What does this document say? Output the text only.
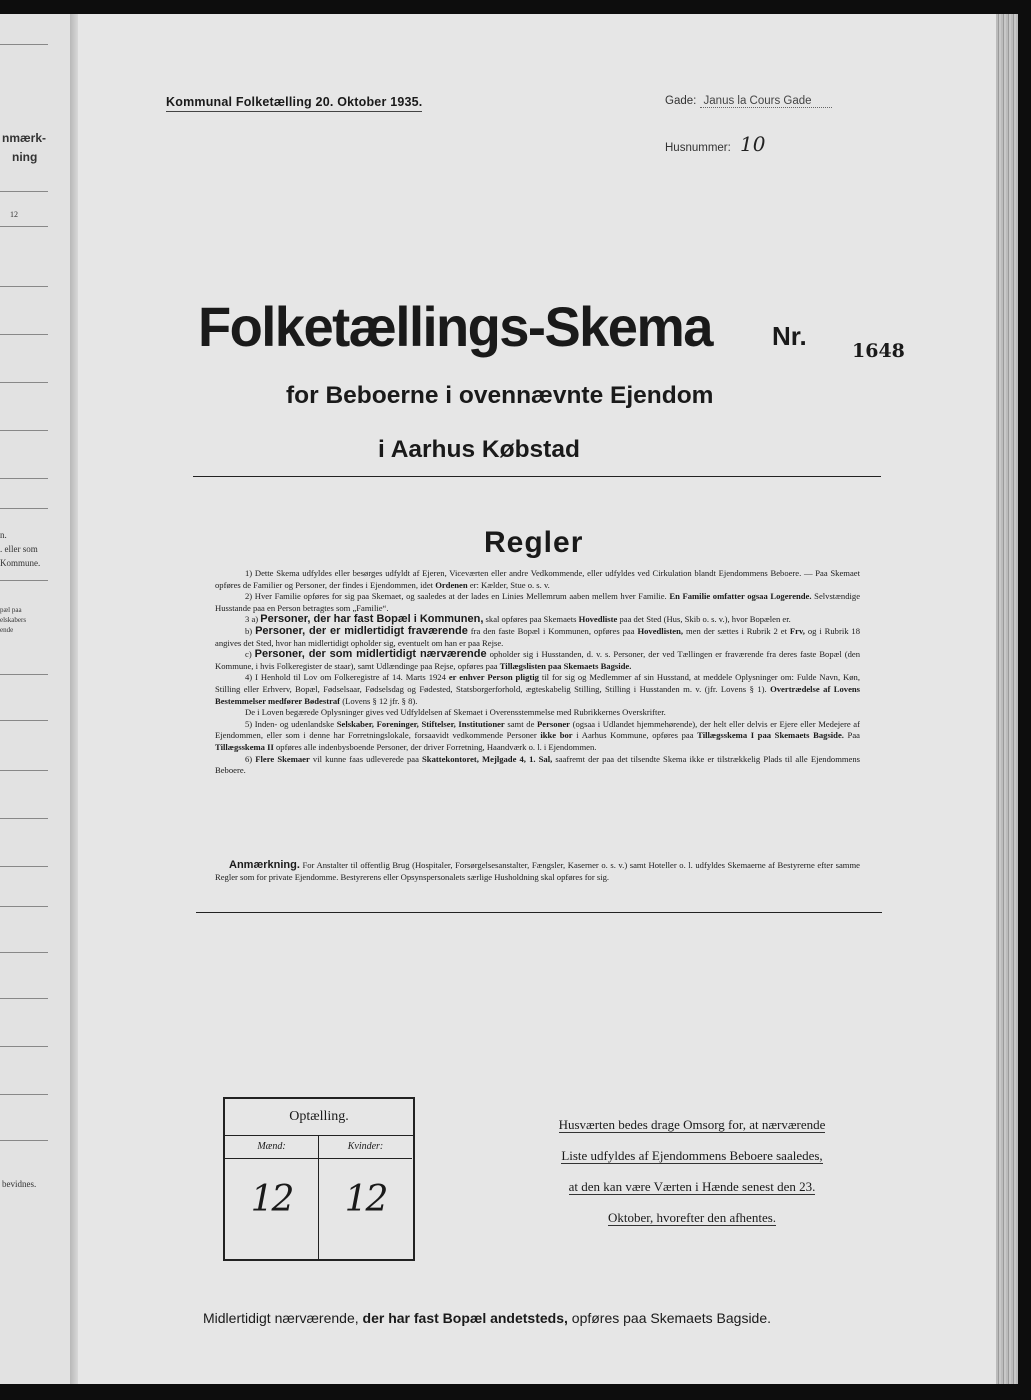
nmærk-
ning
12
n.
. eller som
Kommune.
pæl paa
elskabers
ende
bevidnes.
Kommunal Folketælling 20. Oktober 1935.	Gade: Janus la Cours Gade
Husnummer: 10
Folketællings-Skema Nr. 1648
for Beboerne i ovennævnte Ejendom
i Aarhus Købstad
Regler

1) Dette Skema udfyldes eller besørges udfyldt af Ejeren, Viceværten eller andre Vedkommende, eller udfyldes ved Cirkulation blandt Ejendommens Beboere. — Paa Skemaet opføres de Familier og Personer, der findes i Ejendommen, idet Ordenen er: Kælder, Stue o. s. v.

2) Hver Familie opføres for sig paa Skemaet, og saaledes at der lades en Linies Mellemrum aaben mellem hver Familie. En Familie omfatter ogsaa Logerende. Selvstændige Husstande paa en Person betragtes som „Familie“.

3 a) Personer, der har fast Bopæl i Kommunen, skal opføres paa Skemaets Hovedliste paa det Sted (Hus, Skib o. s. v.), hvor Bopælen er.

b) Personer, der er midlertidigt fraværende fra den faste Bopæl i Kommunen, opføres paa Hovedlisten, men der sættes i Rubrik 2 et Frv, og i Rubrik 18 angives det Sted, hvor han midlertidigt opholder sig, eventuelt om han er paa Rejse.

c) Personer, der som midlertidigt nærværende opholder sig i Husstanden, d. v. s. Personer, der ved Tællingen er fraværende fra deres faste Bopæl (den Kommune, i hvis Folkeregister de staar), samt Udlændinge paa Rejse, opføres paa Tillægslisten paa Skemaets Bagside.

4) I Henhold til Lov om Folkeregistre af 14. Marts 1924 er enhver Person pligtig til for sig og Medlemmer af sin Husstand, at meddele Oplysninger om: Fulde Navn, Køn, Stilling eller Erhverv, Bopæl, Fødselsaar, Fødselsdag og Fødested, Statsborgerforhold, ægteskabelig Stilling, Stilling i Husstanden m. v. (jfr. Lovens § 1). Overtrædelse af Lovens Bestemmelser medfører Bødestraf (Lovens § 12 jfr. § 8).

De i Loven begærede Oplysninger gives ved Udfyldelsen af Skemaet i Overensstemmelse med Rubrikkernes Overskrifter.

5) Inden- og udenlandske Selskaber, Foreninger, Stiftelser, Institutioner samt de Personer (ogsaa i Udlandet hjemmehørende), der helt eller delvis er Ejere eller Medejere af Ejendommen, eller som i denne har Forretningslokale, forsaavidt vedkommende Personer ikke bor i Aarhus Kommune, opføres paa Tillægsskema I paa Skemaets Bagside. Paa Tillægsskema II opføres alle indenbysboende Personer, der driver Forretning, Haandværk o. l. i Ejendommen.

6) Flere Skemaer vil kunne faas udleverede paa Skattekontoret, Mejlgade 4, 1. Sal, saafremt der paa det tilsendte Skema ikke er tilstrækkelig Plads til alle Ejendommens Beboere.

Anmærkning. For Anstalter til offentlig Brug (Hospitaler, Forsørgelsesanstalter, Fængsler, Kaserner o. s. v.) samt Hoteller o. l. udfyldes Skemaerne af Bestyrerne efter samme Regler som for private Ejendomme. Bestyrerens eller Opsynspersonalets særlige Husholdning skal opføres for sig.
Optælling.
Mænd:
12
Kvinder:
12
Husværten bedes drage Omsorg for, at nærværende
Liste udfyldes af Ejendommens Beboere saaledes,
at den kan være Værten i Hænde senest den 23.
Oktober, hvorefter den afhentes.
Midlertidigt nærværende, der har fast Bopæl andetsteds, opføres paa Skemaets Bagside.
